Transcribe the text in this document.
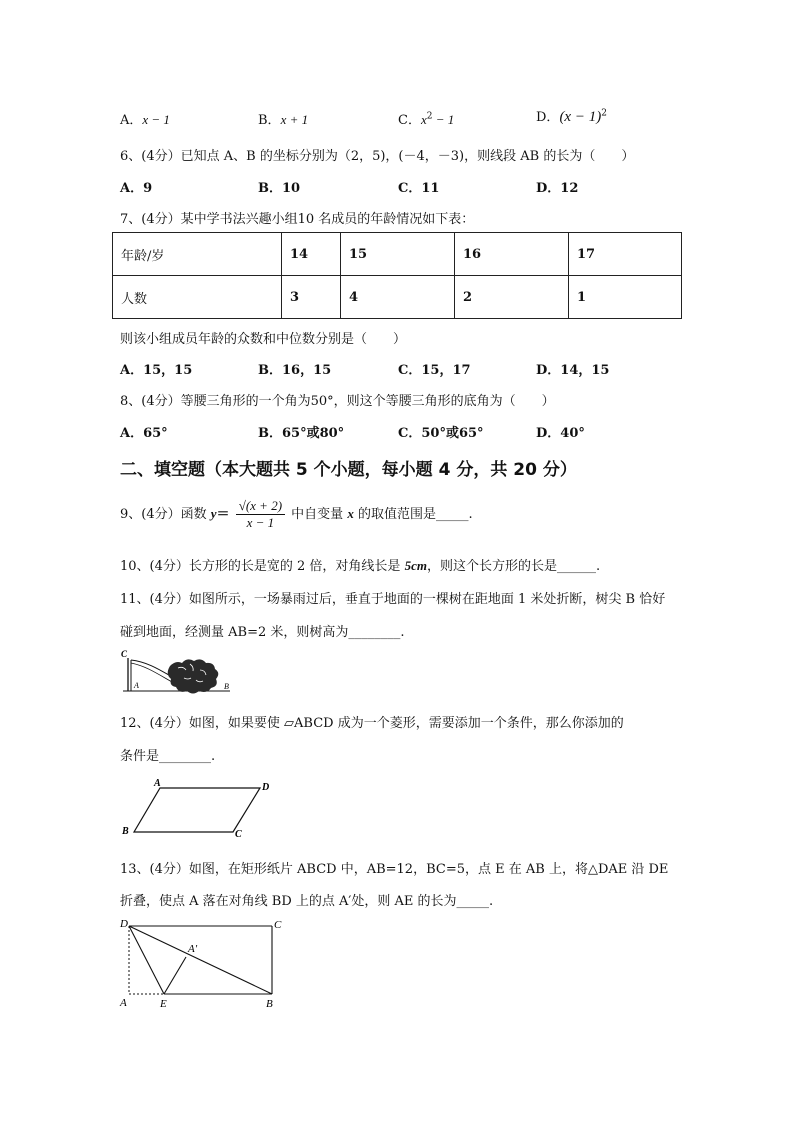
A．x − 1	B．x + 1	C．$x^2 - 1$	D．$(x - 1)^2$
6、(4分）已知点 A、B 的坐标分别为（2，5)，(－4，－3)，则线段 AB 的长为（　　）
A．9	B．10	C．11	D．12
7、(4分）某中学书法兴趣小组10 名成员的年龄情况如下表：
年龄/岁	14	15	16	17
人数	3	4	2	1
则该小组成员年龄的众数和中位数分别是（　　）
A．15，15	B．16，15	C．15，17	D．14，15
8、(4分）等腰三角形的一个角为50°，则这个等腰三角形的底角为（　　）
A．65°	B．65°或80°	C．50°或65°	D．40°
二、填空题（本大题共 5 个小题，每小题 4 分，共 20 分）
9、(4分）函数 $y= \frac{√(x + 2)}{x - 1}$ 中自变量 x 的取值范围是_____.
10、(4分）长方形的长是宽的 2 倍，对角线长是 5cm，则这个长方形的长是______.
11、(4分）如图所示，一场暴雨过后，垂直于地面的一棵树在距地面 1 米处折断，树尖 B 恰好
碰到地面，经测量 AB=2 米，则树高为________.
C
A	B
12、(4分）如图，如果要使 ▱ABCD 成为一个菱形，需要添加一个条件，那么你添加的
条件是________.
A	D
B	C
13、(4分）如图，在矩形纸片 ABCD 中，AB=12，BC=5，点 E 在 AB 上，将△DAE 沿 DE
折叠，使点 A 落在对角线 BD 上的点 A′处，则 AE 的长为_____.
D	C
A′
A	E	B
